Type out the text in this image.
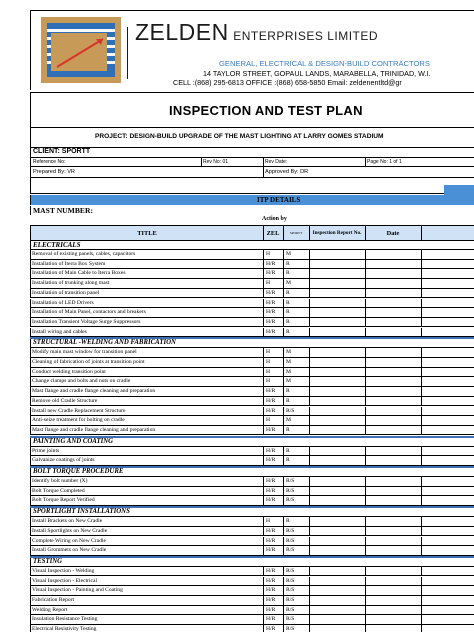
ZELDEN ENTERPRISES LIMITED
GENERAL, ELECTRICAL & DESIGN-BUILD CONTRACTORS
14 TAYLOR STREET, GOPAUL LANDS, MARABELLA, TRINIDAD, W.I.
CELL :(868) 295-6813 OFFICE :(868) 658-5850 Email: zeldenentltd@gr
INSPECTION AND TEST PLAN
PROJECT: DESIGN-BUILD UPGRADE OF THE MAST LIGHTING AT LARRY GOMES STADIUM
CLIENT: SPORTT
Reference No:	Rev No: 01	Rev Date:	Page No: 1 of 1
Prepared By: VR	Approved By: DR
ITP DETAILS
MAST NUMBER:
Action by
TITLE	ZEL	SPORTT	Inspection Report No.	Date
ELECTRICALS
Removal of existing panels, cables, capacitors	H	M
Installation of Iterra Box System	H/R R
Installation of Main Cable to Iterra Boxes	H/R R
Installation of trunking along mast	H	M
Installation of transition panel	H/R R
Installation of LED Drivers	H/R R
Installation of Main Panel, contactors and breakers	H/R R
Installation Transient Voltage Surge Suppressors	H/R R
Install wiring and cables	H/R R
STRUCTURAL -WELDING AND FABRICATION
Modify main mast window for transition panel	H	M
Cleaning of fabrication of joints at transition point	H	M
Conduct welding transition point	H	M
Change clamps and bolts and nuts on cradle	H	M
Mast flange and cradle flange cleaning and preparation	H/R R
Remove old Cradle Structure	H/R R
Install new Cradle Replacement Structure	H/R R/S
Anti-seize treatment for bolting on cradle	H	M
Mast flange and cradle flange cleaning and preparation	H/R R
PAINTING AND COATING
Prime joints	H/R R
Galvanize coatings of joints	H/R R
BOLT TORQUE PROCEDURE
Identify bolt number (X)	H/R R/S
Bolt Torque Completed	H/R R/S
Bolt Torque Report Verified	H/R R/S
SPORTLIGHT INSTALLATIONS
Install Brackets on New Cradle	H	R
Install Sportlights on New Cradle	H/R R/S
Complete Wiring on New Cradle	H/R R/S
Install Grommets on New Cradle	H/R R/S
TESTING
Visual Inspection - Welding	H/R R/S
Visual Inspection - Electrical	H/R R/S
Visual Inspection - Painting and Coating	H/R R/S
Fabrication Report	H/R R/S
Welding Report	H/R R/S
Insulation Resistance Testing	H/R R/S
Electrical Resistivity Testing	H/R R/S
